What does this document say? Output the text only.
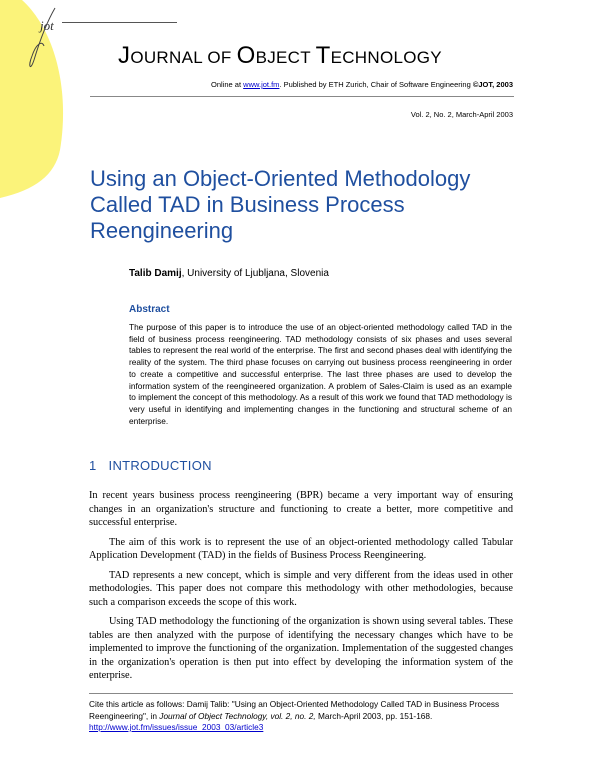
jot
JOURNAL OF OBJECT TECHNOLOGY
Online at www.jot.fm. Published by ETH Zurich, Chair of Software Engineering ©JOT, 2003
Vol. 2, No. 2, March-April 2003
Using an Object-Oriented Methodology Called TAD in Business Process Reengineering
Talib Damij, University of Ljubljana, Slovenia
Abstract
The purpose of this paper is to introduce the use of an object-oriented methodology called TAD in the field of business process reengineering. TAD methodology consists of six phases and uses several tables to represent the real world of the enterprise. The first and second phases deal with identifying the reality of the system. The third phase focuses on carrying out business process reengineering in order to create a competitive and successful enterprise. The last three phases are used to develop the information system of the reengineered organization. A problem of Sales-Claim is used as an example to implement the concept of this methodology. As a result of this work we found that TAD methodology is very useful in identifying and implementing changes in the functioning and structural scheme of an enterprise.
1 INTRODUCTION

In recent years business process reengineering (BPR) became a very important way of ensuring changes in an organization's structure and functioning to create a better, more competitive and successful enterprise.

The aim of this work is to represent the use of an object-oriented methodology called Tabular Application Development (TAD) in the fields of Business Process Reengineering.

TAD represents a new concept, which is simple and very different from the ideas used in other methodologies. This paper does not compare this methodology with other methodologies, because such a comparison exceeds the scope of this work.

Using TAD methodology the functioning of the organization is shown using several tables. These tables are then analyzed with the purpose of identifying the necessary changes which have to be implemented to improve the functioning of the organization. Implementation of the suggested changes in the organization's operation is then put into effect by developing the information system of the enterprise.

Cite this article as follows: Damij Talib: "Using an Object-Oriented Methodology Called TAD in Business Process Reengineering", in Journal of Object Technology, vol. 2, no. 2, March-April 2003, pp. 151-168. http://www.jot.fm/issues/issue_2003_03/article3
